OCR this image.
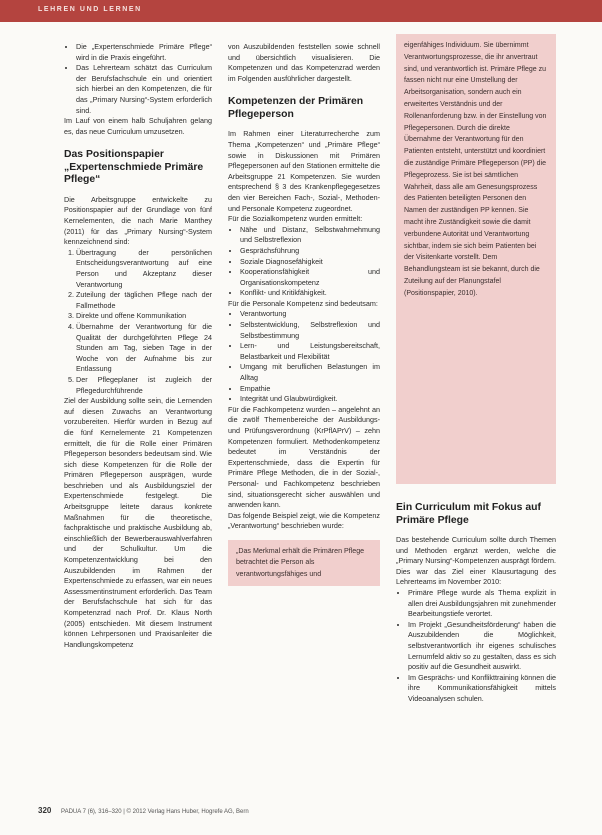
LEHREN UND LERNEN
• Die „Expertenschmiede Primäre Pflege“ wird in die Praxis eingeführt.
• Das Lehrerteam schätzt das Curriculum der Berufsfachschule ein und orientiert sich hierbei an den Kompetenzen, die für das „Primary Nursing“-System erforderlich sind.

Im Lauf von einem halb Schuljahren gelang es, das neue Curriculum umzusetzen.

Das Positionspapier „Expertenschmiede Primäre Pflege“

Die Arbeitsgruppe entwickelte zu Positionspapier auf der Grundlage von fünf Kernelementen, die nach Marie Manthey (2011) für das „Primary Nursing“-System kennzeichnend sind:

1. Übertragung der persönlichen Entscheidungsverantwortung auf eine Person und Akzeptanz dieser Verantwortung
2. Zuteilung der täglichen Pflege nach der Fallmethode
3. Direkte und offene Kommunikation
4. Übernahme der Verantwortung für die Qualität der durchgeführten Pflege 24 Stunden am Tag, sieben Tage in der Woche von der Aufnahme bis zur Entlassung
5. Der Pflegeplaner ist zugleich der Pflegedurchführende

Ziel der Ausbildung sollte sein, die Lernenden auf diesen Zuwachs an Verantwortung vorzubereiten. Hierfür wurden in Bezug auf die fünf Kernelemente 21 Kompetenzen ermittelt, die für die Rolle einer Primären Pflegeperson besonders bedeutsam sind. Wie sich diese Kompetenzen für die Rolle der Primären Pflegeperson ausprägen, wurde beschrieben und als Ausbildungsziel der Expertenschmiede festgelegt. Die Arbeitsgruppe leitete daraus konkrete Maßnahmen für die theoretische, fachpraktische und praktische Ausbildung ab, einschließlich der Bewerberauswahlverfahren und der Schulkultur. Um die Kompetenzentwicklung bei den Auszubildenden im Rahmen der Expertenschmiede zu erfassen, war ein neues Assessmentinstrument erforderlich. Das Team der Berufsfachschule hat sich für das Kompetenzrad nach Prof. Dr. Klaus North (2005) entschieden. Mit diesem Instrument können Lehrpersonen und Praxisanleiter die Handlungskompetenz

von Auszubildenden feststellen sowie schnell und übersichtlich visualisieren. Die Kompetenzen und das Kompetenzrad werden im Folgenden ausführlicher dargestellt.

Kompetenzen der Primären Pflegeperson

Im Rahmen einer Literaturrecherche zum Thema „Kompetenzen“ und „Primäre Pflege“ sowie in Diskussionen mit Primären Pflegepersonen auf den Stationen ermittelte die Arbeitsgruppe 21 Kompetenzen. Sie wurden entsprechend § 3 des Krankenpflegegesetzes den vier Bereichen Fach-, Sozial-, Methoden- und Personale Kompetenz zugeordnet.

Für die Sozialkompetenz wurden ermittelt:

• Nähe und Distanz, Selbstwahrnehmung und Selbstreflexion
• Gesprächsführung
• Soziale Diagnosefähigkeit
• Kooperationsfähigkeit und Organisationskompetenz
• Konflikt- und Kritikfähigkeit.

Für die Personale Kompetenz sind bedeutsam:

• Verantwortung
• Selbstentwicklung, Selbstreflexion und Selbstbestimmung
• Lern- und Leistungsbereitschaft, Belastbarkeit und Flexibilität
• Umgang mit beruflichen Belastungen im Alltag
• Empathie
• Integrität und Glaubwürdigkeit.

Für die Fachkompetenz wurden – angelehnt an die zwölf Themenbereiche der Ausbildungs- und Prüfungsverordnung (KrPflAPrV) – zehn Kompetenzen formuliert. Methodenkompetenz bedeutet im Verständnis der Expertenschmiede, dass die Expertin für Primäre Pflege Methoden, die in der Sozial-, Personal- und Fachkompetenz beschrieben sind, situationsgerecht sicher auswählen und anwenden kann.

Das folgende Beispiel zeigt, wie die Kompetenz „Verantwortung“ beschrieben wurde:

„Das Merkmal erhält die Primären Pflege betrachtet die Person als verantwortungsfähiges und

eigenfähiges Individuum. Sie übernimmt Verantwortungsprozesse, die ihr anvertraut sind, und verantwortlich ist. Primäre Pflege zu fassen nicht nur eine Umstellung der Arbeitsorganisation, sondern auch ein erweitertes Verständnis und der Rollenanforderung bzw. in der Einstellung von Pflegepersonen. Durch die direkte Übernahme der Verantwortung für den Patienten entsteht, unterstützt und koordiniert die zuständige Primäre Pflegeperson (PP) die Pflegeprozess. Sie ist bei sämtlichen Wahrheit, dass alle am Genesungsprozess des Patienten beteiligten Personen den Namen der zuständigen PP kennen. Sie macht ihre Zuständigkeit sowie die damit verbundene Autorität und Verantwortung sichtbar, indem sie sich beim Patienten bei der Visitenkarte vorstellt. Dem Behandlungsteam ist sie bekannt, durch die Zuteilung auf der Planungstafel (Positionspapier, 2010).

Ein Curriculum mit Fokus auf Primäre Pflege

Das bestehende Curriculum sollte durch Themen und Methoden ergänzt werden, welche die „Primary Nursing“-Kompetenzen ausprägt fördern. Dies war das Ziel einer Klausurtagung des Lehrerteams im November 2010:

• Primäre Pflege wurde als Thema explizit in allen drei Ausbildungsjahren mit zunehmender Bearbeitungstiefe verortet.
• Im Projekt „Gesundheitsförderung“ haben die Auszubildenden die Möglichkeit, selbstverantwortlich ihr eigenes schulisches Lernumfeld aktiv so zu gestalten, dass es sich positiv auf die Gesundheit auswirkt.
• Im Gesprächs- und Konflikttraining können die ihre Kommunikationsfähigkeit mittels Videoanalysen schulen.
320 PADUA 7 (6), 316–320 | © 2012 Verlag Hans Huber, Hogrefe AG, Bern
